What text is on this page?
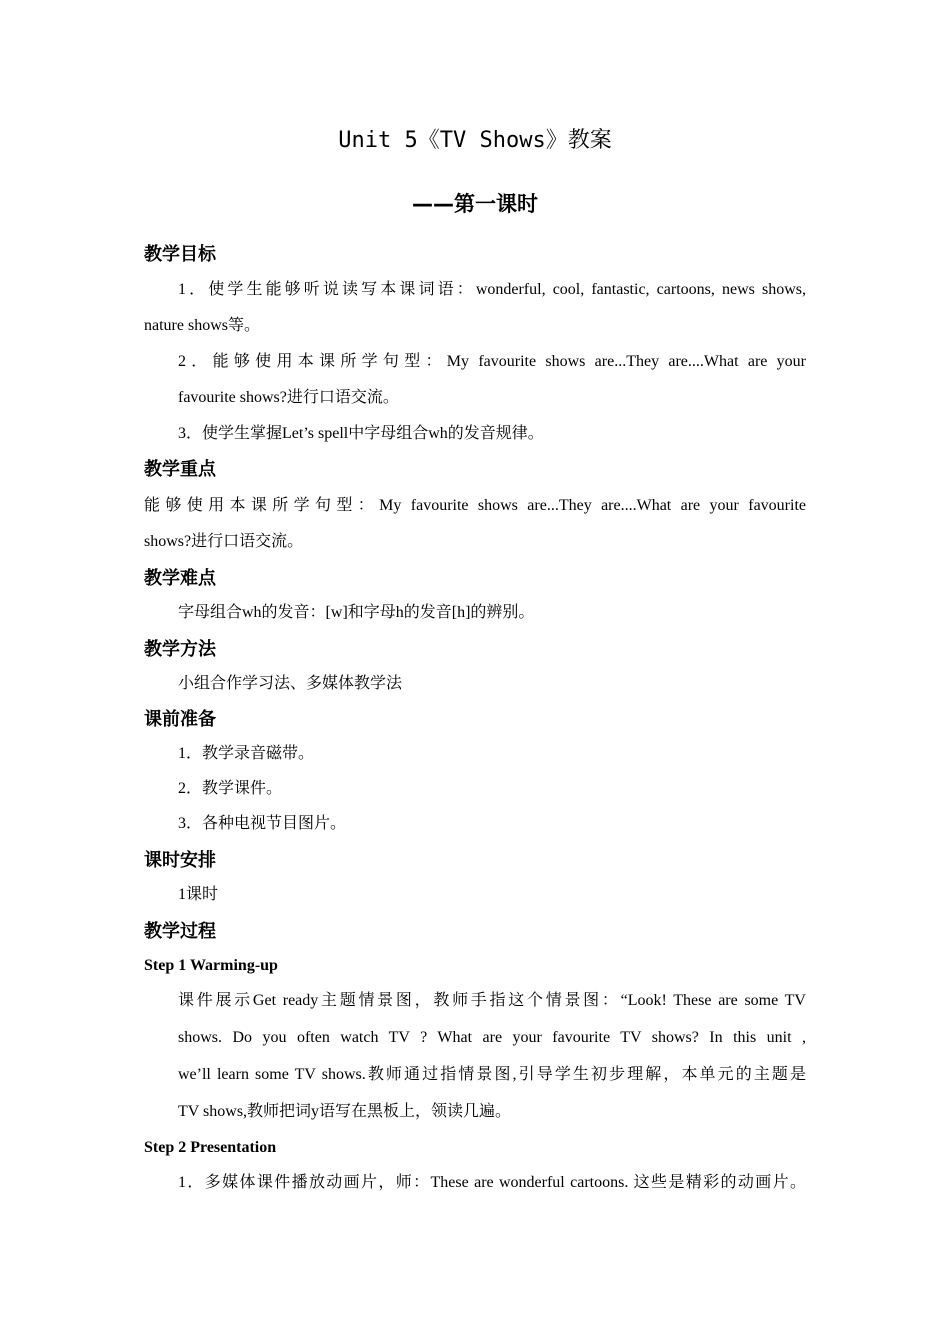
Unit 5《TV Shows》教案
——第一课时
教学目标
1．使学生能够听说读写本课词语：wonderful, cool, fantastic, cartoons, news shows,
nature shows等。
2．能够使用本课所学句型：My favourite shows are...They are....What are your
favourite shows?进行口语交流。
3．使学生掌握Let’s spell中字母组合wh的发音规律。
教学重点
能够使用本课所学句型：My favourite shows are...They are....What are your favourite
shows?进行口语交流。
教学难点
字母组合wh的发音：[w]和字母h的发音[h]的辨别。
教学方法
小组合作学习法、多媒体教学法
课前准备
1．教学录音磁带。
2．教学课件。
3．各种电视节目图片。
课时安排
1课时
教学过程
Step 1 Warming-up
课件展示Get ready主题情景图，教师手指这个情景图：“Look! These are some TV
shows. Do you often watch TV ? What are your favourite TV shows? In this unit ,
we’ll learn some TV shows.教师通过指情景图,引导学生初步理解，本单元的主题是
TV shows,教师把词y语写在黑板上，领读几遍。
Step 2 Presentation
1．多媒体课件播放动画片，师：These are wonderful cartoons. 这些是精彩的动画片。
